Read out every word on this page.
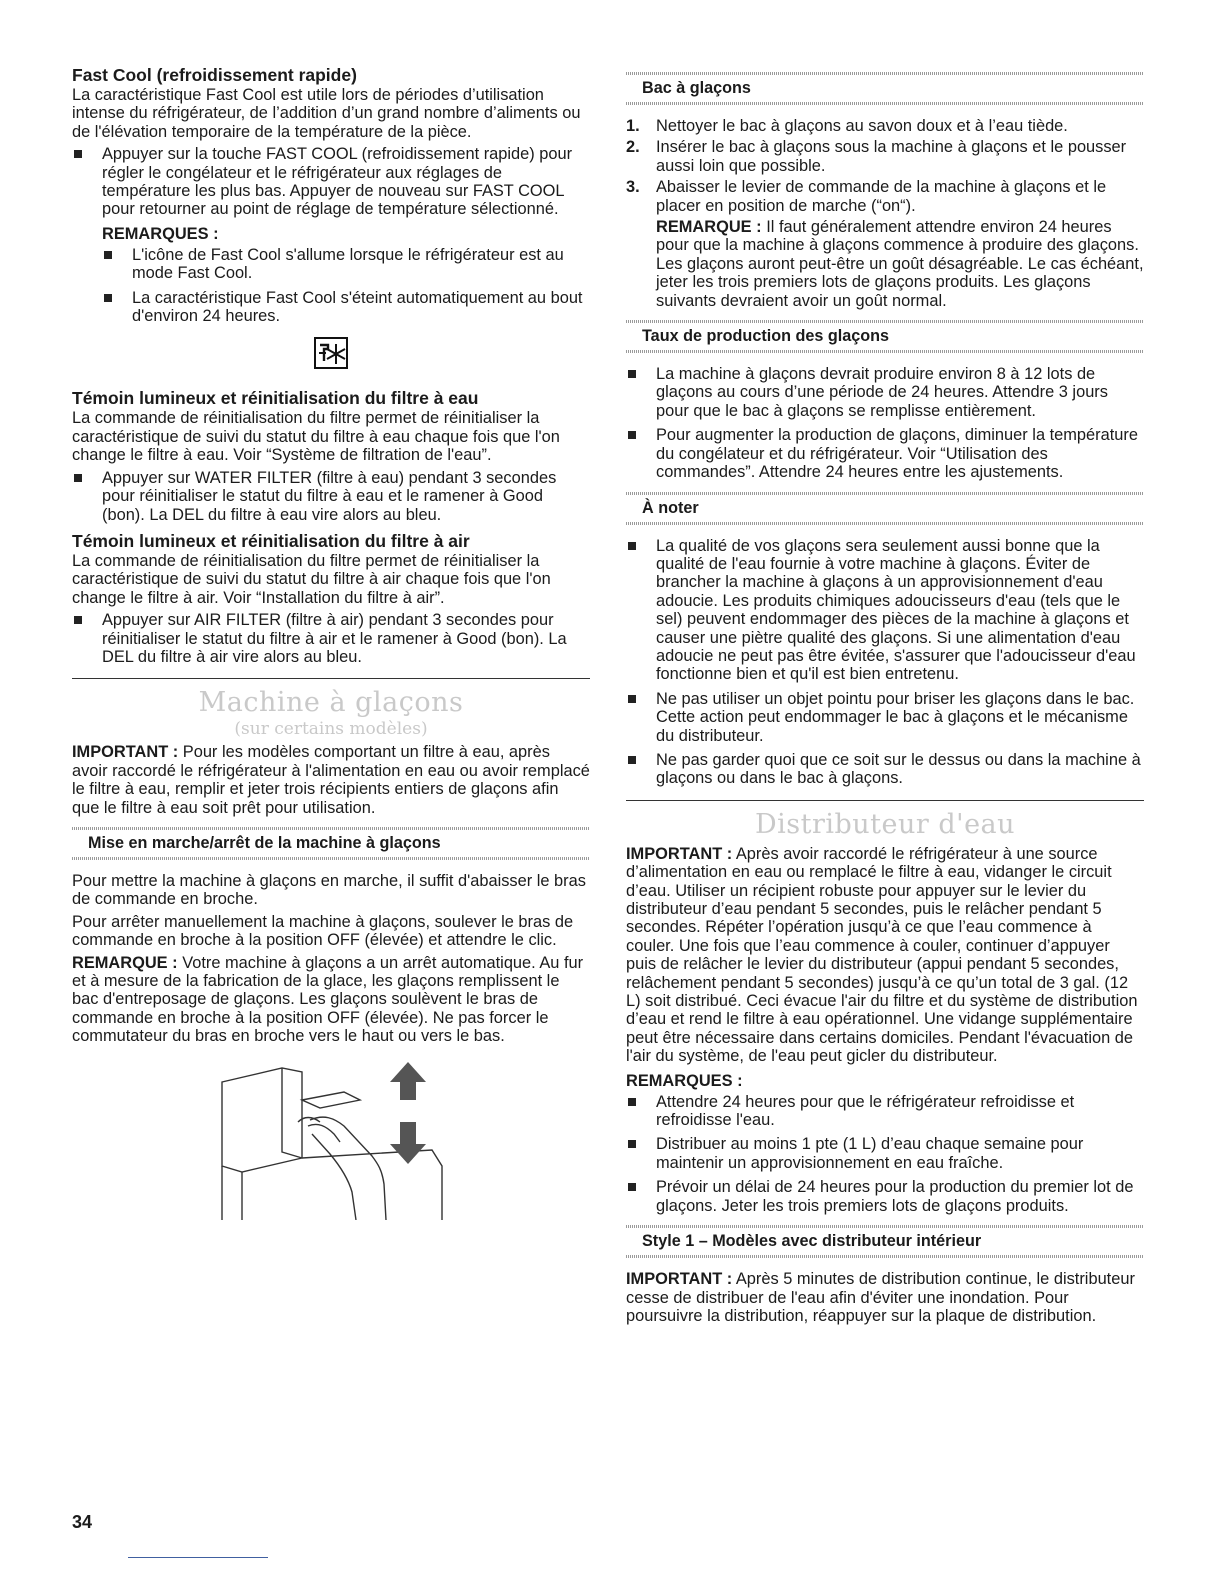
Fast Cool (refroidissement rapide)

La caractéristique Fast Cool est utile lors de périodes d’utilisation intense du réfrigérateur, de l’addition d’un grand nombre d’aliments ou de l'élévation temporaire de la température de la pièce.

Appuyer sur la touche FAST COOL (refroidissement rapide) pour régler le congélateur et le réfrigérateur aux réglages de température les plus bas. Appuyer de nouveau sur FAST COOL pour retourner au point de réglage de température sélectionné.
REMARQUES :
L'icône de Fast Cool s'allume lorsque le réfrigérateur est au mode Fast Cool.
La caractéristique Fast Cool s'éteint automatiquement au bout d'environ 24 heures.
Témoin lumineux et réinitialisation du filtre à eau

La commande de réinitialisation du filtre permet de réinitialiser la caractéristique de suivi du statut du filtre à eau chaque fois que l'on change le filtre à eau. Voir “Système de filtration de l'eau”.

Appuyer sur WATER FILTER (filtre à eau) pendant 3 secondes pour réinitialiser le statut du filtre à eau et le ramener à Good (bon). La DEL du filtre à eau vire alors au bleu.
Témoin lumineux et réinitialisation du filtre à air

La commande de réinitialisation du filtre permet de réinitialiser la caractéristique de suivi du statut du filtre à air chaque fois que l'on change le filtre à air. Voir “Installation du filtre à air”.

Appuyer sur AIR FILTER (filtre à air) pendant 3 secondes pour réinitialiser le statut du filtre à air et le ramener à Good (bon). La DEL du filtre à air vire alors au bleu.
Machine à glaçons
(sur certains modèles)

IMPORTANT : Pour les modèles comportant un filtre à eau, après avoir raccordé le réfrigérateur à l'alimentation en eau ou avoir remplacé le filtre à eau, remplir et jeter trois récipients entiers de glaçons afin que le filtre à eau soit prêt pour utilisation.

Mise en marche/arrêt de la machine à glaçons

Pour mettre la machine à glaçons en marche, il suffit d'abaisser le bras de commande en broche.

Pour arrêter manuellement la machine à glaçons, soulever le bras de commande en broche à la position OFF (élevée) et attendre le clic.

REMARQUE : Votre machine à glaçons a un arrêt automatique. Au fur et à mesure de la fabrication de la glace, les glaçons remplissent le bac d'entreposage de glaçons. Les glaçons soulèvent le bras de commande en broche à la position OFF (élevée). Ne pas forcer le commutateur du bras en broche vers le haut ou vers le bas.

Bac à glaçons
1. Nettoyer le bac à glaçons au savon doux et à l’eau tiède.
2. Insérer le bac à glaçons sous la machine à glaçons et le pousser aussi loin que possible.
3. Abaisser le levier de commande de la machine à glaçons et le placer en position de marche (“on“).

REMARQUE : Il faut généralement attendre environ 24 heures pour que la machine à glaçons commence à produire des glaçons. Les glaçons auront peut-être un goût désagréable. Le cas échéant, jeter les trois premiers lots de glaçons produits. Les glaçons suivants devraient avoir un goût normal.

Taux de production des glaçons
La machine à glaçons devrait produire environ 8 à 12 lots de glaçons au cours d’une période de 24 heures. Attendre 3 jours pour que le bac à glaçons se remplisse entièrement.
Pour augmenter la production de glaçons, diminuer la température du congélateur et du réfrigérateur. Voir “Utilisation des commandes”. Attendre 24 heures entre les ajustements.
À noter
La qualité de vos glaçons sera seulement aussi bonne que la qualité de l'eau fournie à votre machine à glaçons. Éviter de brancher la machine à glaçons à un approvisionnement d'eau adoucie. Les produits chimiques adoucisseurs d'eau (tels que le sel) peuvent endommager des pièces de la machine à glaçons et causer une piètre qualité des glaçons. Si une alimentation d'eau adoucie ne peut pas être évitée, s'assurer que l'adoucisseur d'eau fonctionne bien et qu'il est bien entretenu.
Ne pas utiliser un objet pointu pour briser les glaçons dans le bac. Cette action peut endommager le bac à glaçons et le mécanisme du distributeur.
Ne pas garder quoi que ce soit sur le dessus ou dans la machine à glaçons ou dans le bac à glaçons.
Distributeur d'eau

IMPORTANT : Après avoir raccordé le réfrigérateur à une source d’alimentation en eau ou remplacé le filtre à eau, vidanger le circuit d’eau. Utiliser un récipient robuste pour appuyer sur le levier du distributeur d’eau pendant 5 secondes, puis le relâcher pendant 5 secondes. Répéter l’opération jusqu’à ce que l’eau commence à couler. Une fois que l’eau commence à couler, continuer d’appuyer puis de relâcher le levier du distributeur (appui pendant 5 secondes, relâchement pendant 5 secondes) jusqu’à ce qu’un total de 3 gal. (12 L) soit distribué. Ceci évacue l'air du filtre et du système de distribution d’eau et rend le filtre à eau opérationnel. Une vidange supplémentaire peut être nécessaire dans certains domiciles. Pendant l'évacuation de l'air du système, de l'eau peut gicler du distributeur.

REMARQUES :
Attendre 24 heures pour que le réfrigérateur refroidisse et refroidisse l'eau.
Distribuer au moins 1 pte (1 L) d’eau chaque semaine pour maintenir un approvisionnement en eau fraîche.
Prévoir un délai de 24 heures pour la production du premier lot de glaçons. Jeter les trois premiers lots de glaçons produits.
Style 1 – Modèles avec distributeur intérieur

IMPORTANT : Après 5 minutes de distribution continue, le distributeur cesse de distribuer de l'eau afin d'éviter une inondation. Pour poursuivre la distribution, réappuyer sur la plaque de distribution.

34
